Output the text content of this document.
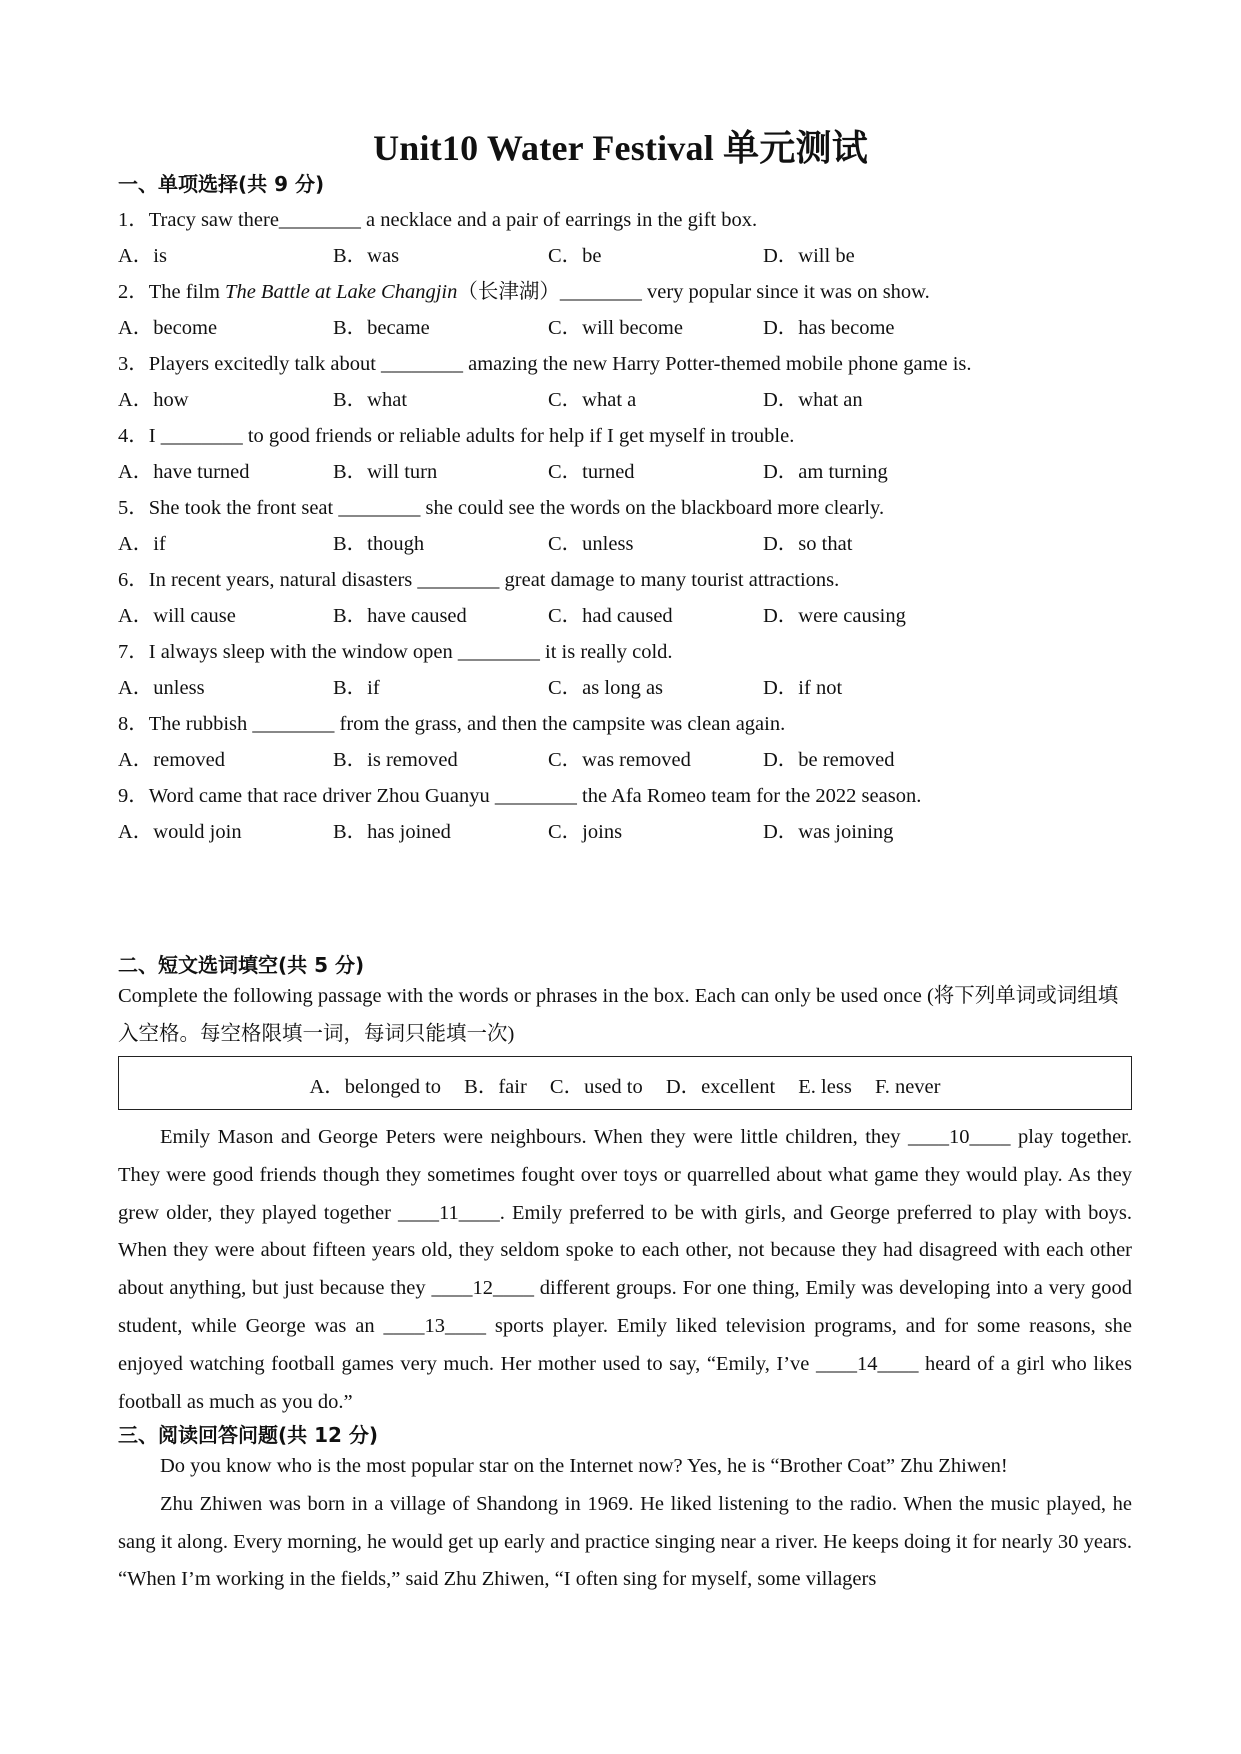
Unit10 Water Festival 单元测试
一、单项选择(共 9 分)
1．Tracy saw there________ a necklace and a pair of earrings in the gift box.
A．is	B．was	C．be	D．will be
2．The film The Battle at Lake Changjin（长津湖）________ very popular since it was on show.
A．become	B．became	C．will become	D．has become
3．Players excitedly talk about ________ amazing the new Harry Potter-themed mobile phone game is.
A．how	B．what	C．what a	D．what an
4．I ________ to good friends or reliable adults for help if I get myself in trouble.
A．have turned	B．will turn	C．turned	D．am turning
5．She took the front seat ________ she could see the words on the blackboard more clearly.
A．if	B．though	C．unless	D．so that
6．In recent years, natural disasters ________ great damage to many tourist attractions.
A．will cause	B．have caused	C．had caused	D．were causing
7．I always sleep with the window open ________ it is really cold.
A．unless	B．if	C．as long as	D．if not
8．The rubbish ________ from the grass, and then the campsite was clean again.
A．removed	B．is removed	C．was removed	D．be removed
9．Word came that race driver Zhou Guanyu ________ the Afa Romeo team for the 2022 season.
A．would join	B．has joined	C．joins	D．was joining
二、短文选词填空(共 5 分)
Complete the following passage with the words or phrases in the box. Each can only be used once (将下列单词或词组填入空格。每空格限填一词，每词只能填一次)
A．belonged to B．fair C．used to D．excellent E. less F. never

Emily Mason and George Peters were neighbours. When they were little children, they ____10____ play together. They were good friends though they sometimes fought over toys or quarrelled about what game they would play. As they grew older, they played together ____11____. Emily preferred to be with girls, and George preferred to play with boys. When they were about fifteen years old, they seldom spoke to each other, not because they had disagreed with each other about anything, but just because they ____12____ different groups. For one thing, Emily was developing into a very good student, while George was an ____13____ sports player. Emily liked television programs, and for some reasons, she enjoyed watching football games very much. Her mother used to say, “Emily, I’ve ____14____ heard of a girl who likes football as much as you do.”

三、阅读回答问题(共 12 分)

Do you know who is the most popular star on the Internet now? Yes, he is “Brother Coat” Zhu Zhiwen!

Zhu Zhiwen was born in a village of Shandong in 1969. He liked listening to the radio. When the music played, he sang it along. Every morning, he would get up early and practice singing near a river. He keeps doing it for nearly 30 years. “When I’m working in the fields,” said Zhu Zhiwen, “I often sing for myself, some villagers
